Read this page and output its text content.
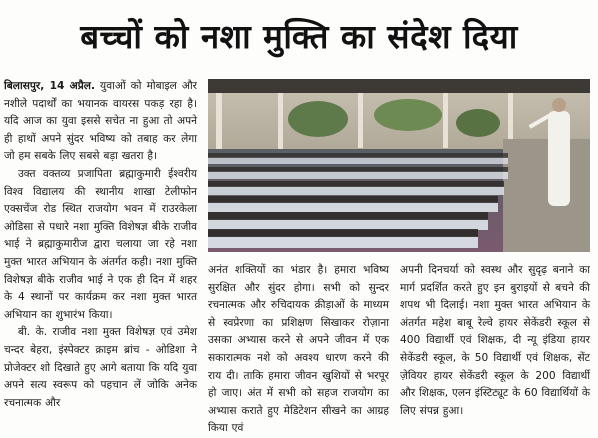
बच्चों को नशा मुक्ति का संदेश दिया

बिलासपुर, 14 अप्रैल. युवाओं को मोबाइल और नशीले पदार्थों का भयानक वायरस पकड़ रहा है। यदि आज का युवा इससे सचेत ना हुआ तो अपने ही हाथों अपने सुंदर भविष्य को तबाह कर लेगा जो हम सबके लिए सबसे बड़ा खतरा है।

उक्त वक्तव्य प्रजापिता ब्रह्माकुमारी ईश्वरीय विश्व विद्यालय की स्थानीय शाखा टेलीफोन एक्सचेंज रोड स्थित राजयोग भवन में राउरकेला ओडिसा से पधारे नशा मुक्ति विशेषज्ञ बीके राजीव भाई ने ब्रह्माकुमारीज द्वारा चलाया जा रहे नशा मुक्त भारत अभियान के अंतर्गत कही। नशा मुक्ति विशेषज्ञ बीके राजीव भाई ने एक ही दिन में शहर के 4 स्थानों पर कार्यक्रम कर नशा मुक्त भारत अभियान का शुभारंभ किया।

बी. के. राजीव नशा मुक्त विशेषज्ञ एवं उमेश चन्दर बेहरा, इंस्पेक्टर क्राइम ब्रांच - ओडिशा ने प्रोजेक्टर शो दिखाते हुए आगे बताया कि यदि युवा अपने सत्य स्वरूप को पहचान लें जोकि अनेक रचनात्मक और

अनंत शक्तियों का भंडार है। हमारा भविष्य सुरक्षित और सुंदर होगा। सभी को सुन्दर रचनात्मक और रुचिदायक क्रीड़ाओं के माध्यम से स्वप्रेरणा का प्रशिक्षण सिखाकर रोज़ाना उसका अभ्यास करने से अपने जीवन में एक सकारात्मक नशे को अवश्य धारण करने की राय दी। ताकि हमारा जीवन खुशियों से भरपूर हो जाए। अंत में सभी को सहज राजयोग का अभ्यास कराते हुए मेडिटेशन सीखने का आग्रह किया एवं

अपनी दिनचर्या को स्वस्थ और सुदृढ़ बनाने का मार्ग प्रदर्शित करते हुए इन बुराइयों से बचने की शपथ भी दिलाई। नशा मुक्त भारत अभियान के अंतर्गत महेश बाबू रेल्वे हायर सेकेंडरी स्कूल से 400 विद्यार्थी एवं शिक्षक, दी न्यू इंडिया हायर सेकेंडरी स्कूल, के 50 विद्यार्थी एवं शिक्षक, सेंट ज़ेवियर हायर सेकेंडरी स्कूल के 200 विद्यार्थी और शिक्षक, एलन इंस्टिट्यूट के 60 विद्यार्थियों के लिए संपन्न हुआ।
